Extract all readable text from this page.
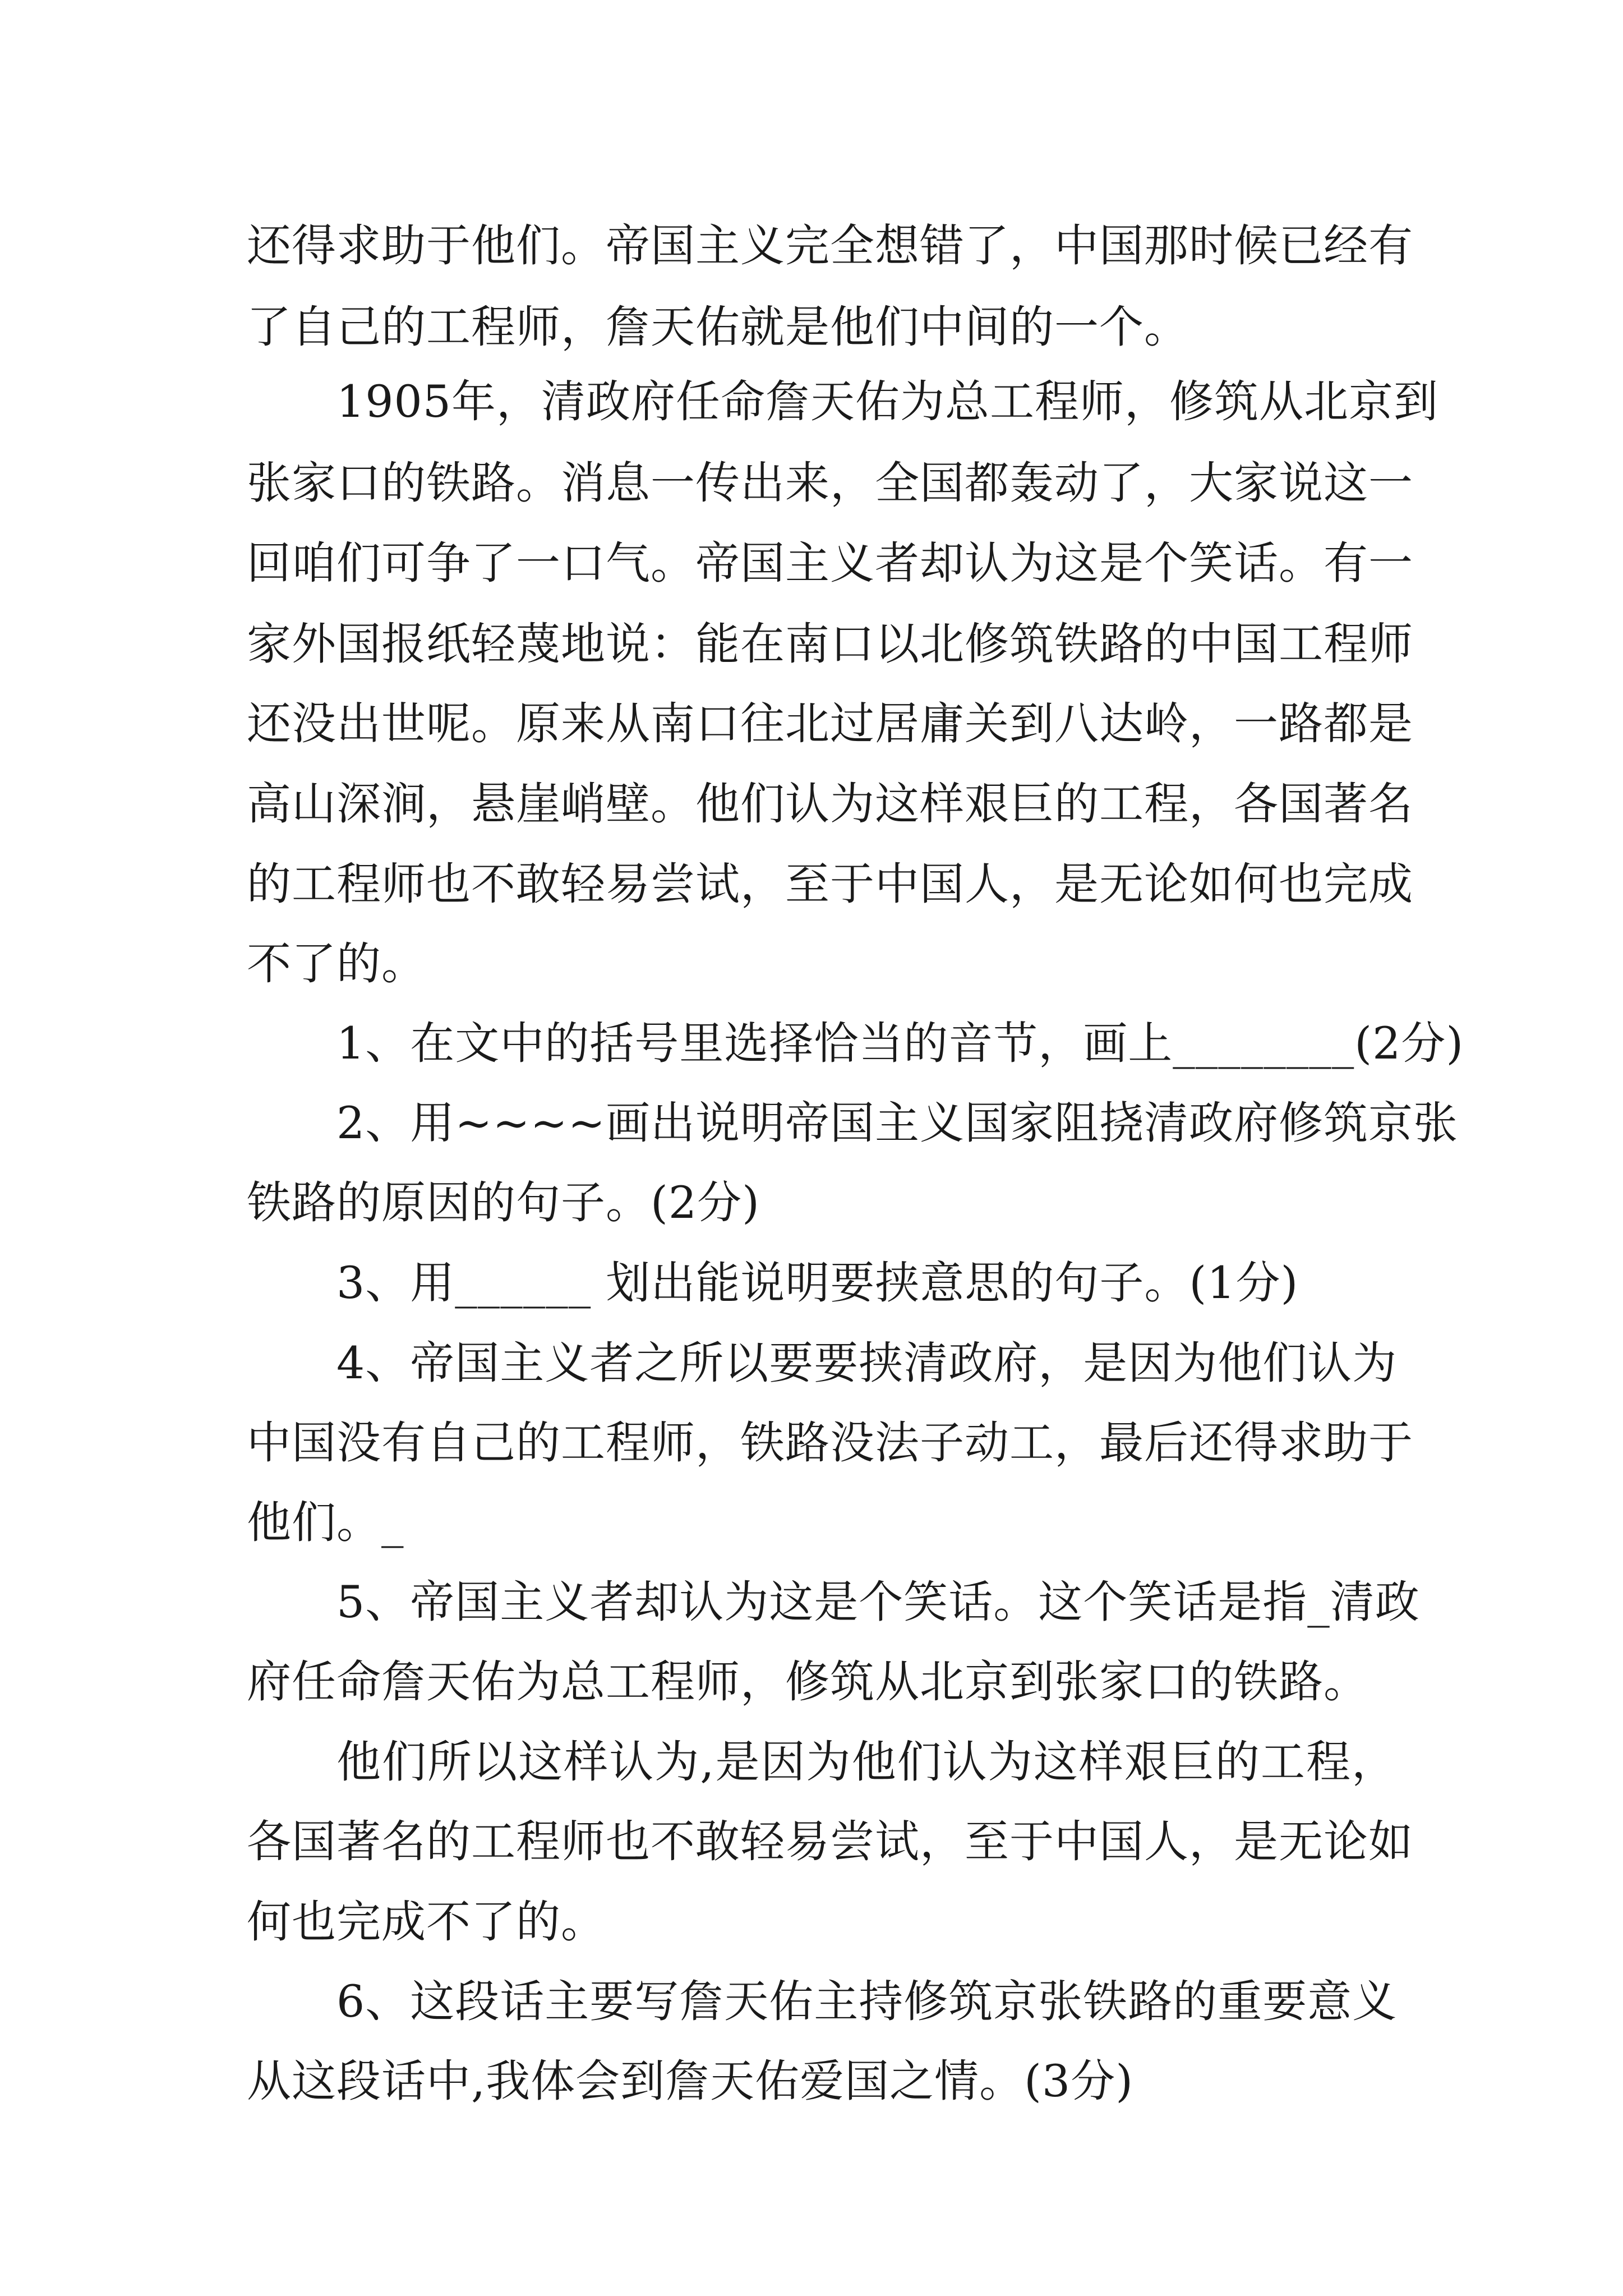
还得求助于他们。帝国主义完全想错了，中国那时候已经有
了自己的工程师，詹天佑就是他们中间的一个。
1905年，清政府任命詹天佑为总工程师，修筑从北京到
张家口的铁路。消息一传出来，全国都轰动了，大家说这一
回咱们可争了一口气。帝国主义者却认为这是个笑话。有一
家外国报纸轻蔑地说：能在南口以北修筑铁路的中国工程师
还没出世呢。原来从南口往北过居庸关到八达岭，一路都是
高山深涧，悬崖峭壁。他们认为这样艰巨的工程，各国著名
的工程师也不敢轻易尝试，至于中国人，是无论如何也完成
不了的。
1、在文中的括号里选择恰当的音节，画上________(2分)
2、用~~~~画出说明帝国主义国家阻挠清政府修筑京张
铁路的原因的句子。(2分)
3、用______ 划出能说明要挟意思的句子。(1分)
4、帝国主义者之所以要要挟清政府，是因为他们认为
中国没有自己的工程师，铁路没法子动工，最后还得求助于
他们。_
5、帝国主义者却认为这是个笑话。这个笑话是指_清政
府任命詹天佑为总工程师，修筑从北京到张家口的铁路。
他们所以这样认为,是因为他们认为这样艰巨的工程，
各国著名的工程师也不敢轻易尝试，至于中国人，是无论如
何也完成不了的。
6、这段话主要写詹天佑主持修筑京张铁路的重要意义
从这段话中,我体会到詹天佑爱国之情。(3分)
